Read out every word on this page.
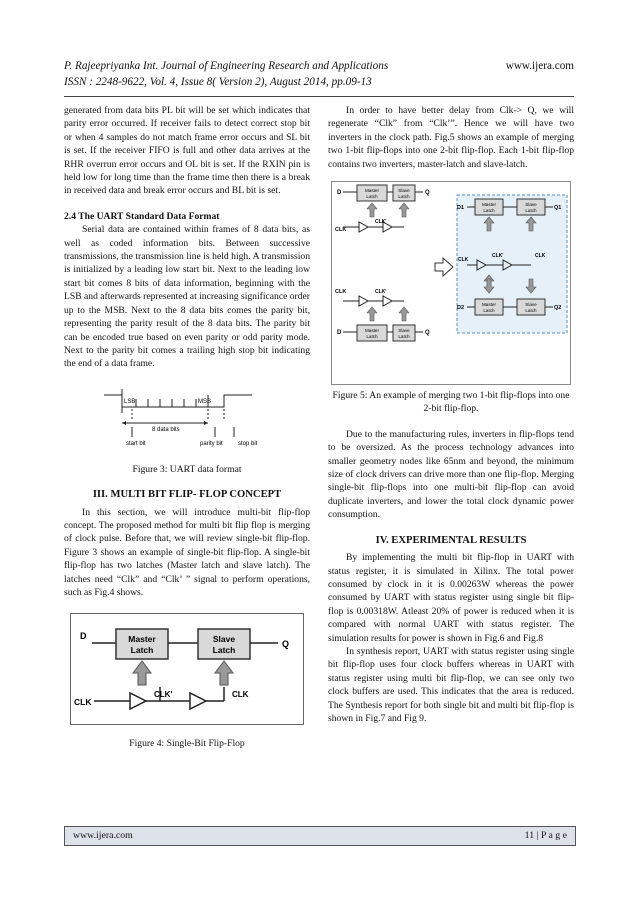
P. Rajeepriyanka Int. Journal of Engineering Research and Applications	www.ijera.com
ISSN : 2248-9622, Vol. 4, Issue 8( Version 2), August 2014, pp.09-13

generated from data bits PL bit will be set which indicates that parity error occurred. If receiver fails to detect correct stop bit or when 4 samples do not match frame error occurs and SL bit is set. If the receiver FIFO is full and other data arrives at the RHR overrun error occurs and OL bit is set. If the RXIN pin is held low for long time than the frame time then there is a break in received data and break error occurs and BL bit is set.

2.4 The UART Standard Data Format

Serial data are contained within frames of 8 data bits, as well as coded information bits. Between successive transmissions, the transmission line is held high. A transmission is initialized by a leading low start bit. Next to the leading low start bit comes 8 bits of data information, beginning with the LSB and afterwards represented at increasing significance order up to the MSB. Next to the 8 data bits comes the parity bit, representing the parity result of the 8 data bits. The parity bit can be encoded true based on even parity or odd parity mode. Next to the parity bit comes a trailing high stop bit indicating the end of a data frame.

LSB	MSB
8 data bits
start bit	parity bit	stop bit

Figure 3: UART data format

III. MULTI BIT FLIP- FLOP CONCEPT

In this section, we will introduce multi-bit flip-flop concept. The proposed method for multi bit flip flop is merging of clock pulse. Before that, we will review single-bit flip-flop. Figure 3 shows an example of single-bit flip-flop. A single-bit flip-flop has two latches (Master latch and slave latch). The latches need “Clk” and “Clk’ ” signal to perform operations, such as Fig.4 shows.

D
Q
Master
Latch
Slave
Latch
CLK
CLK'	CLK

Figure 4: Single-Bit Flip-Flop

In order to have better delay from Clk-> Q, we will regenerate “Clk” from “Clk’”. Hence we will have two inverters in the clock path. Fig.5 shows an example of merging two 1-bit flip-flops into one 2-bit flip-flop. Each 1-bit flip-flop contains two inverters, master-latch and slave-latch.

D	Q
Master
Latch
Slave
Latch
CLK
CLK'
CLK	CLK'
D	Q
Master
Latch
Slave
Latch
D1	Q1
Master
Latch
Slave
Latch
CLK
CLK'	CLK
D2	Q2
Master
Latch
Slave
Latch

Figure 5: An example of merging two 1-bit flip-flops into one 2-bit flip-flop.

Due to the manufacturing rules, inverters in flip-flops tend to be oversized. As the process technology advances into smaller geometry nodes like 65nm and beyond, the minimum size of clock drivers can drive more than one flip-flop. Merging single-bit flip-flops into one multi-bit flip-flop can avoid duplicate inverters, and lower the total clock dynamic power consumption.

IV. EXPERIMENTAL RESULTS

By implementing the multi bit flip-flop in UART with status register, it is simulated in Xilinx. The total power consumed by clock in it is 0.00263W whereas the power consumed by UART with status register using single bit flip-flop is 0.00318W. Atleast 20% of power is reduced when it is compared with normal UART with status register. The simulation results for power is shown in Fig.6 and Fig.8

In synthesis report, UART with status register using single bit flip-flop uses four clock buffers whereas in UART with status register using multi bit flip-flop, we can see only two clock buffers are used. This indicates that the area is reduced. The Synthesis report for both single bit and multi bit flip-flop is shown in Fig.7 and Fig 9.

www.ijera.com	11 | P a g e
